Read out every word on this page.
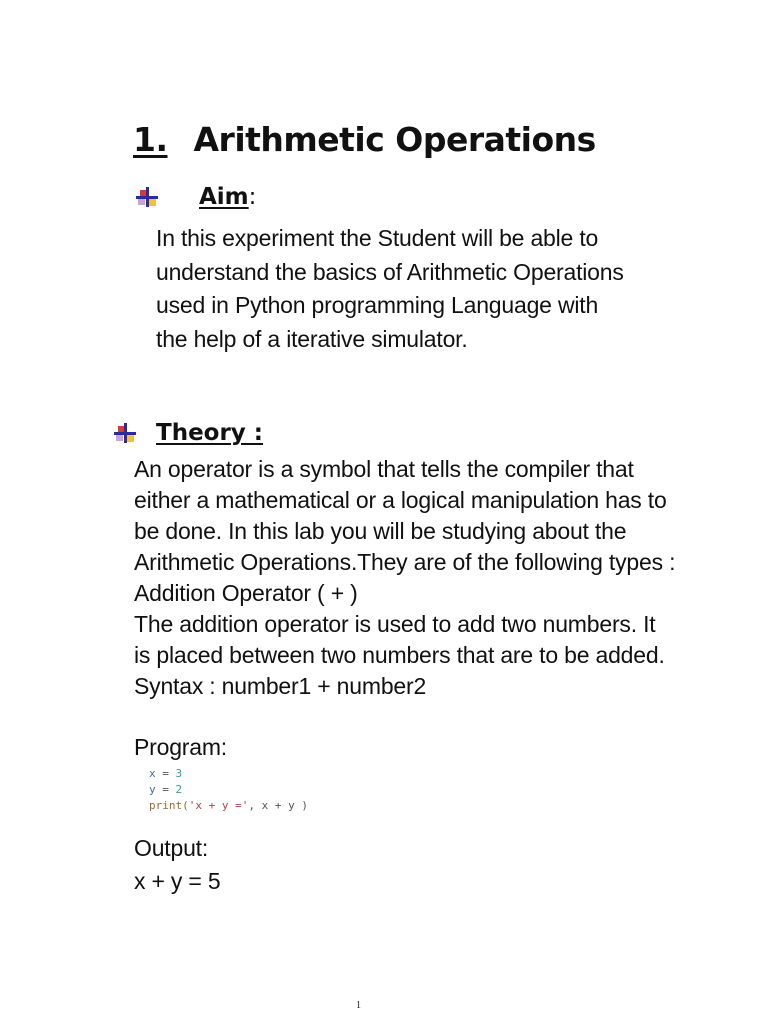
1. Arithmetic Operations
Aim:
In this experiment the Student will be able to
understand the basics of Arithmetic Operations
used in Python programming Language with
the help of a iterative simulator.
Theory :
An operator is a symbol that tells the compiler that
either a mathematical or a logical manipulation has to
be done. In this lab you will be studying about the
Arithmetic Operations.They are of the following types :
Addition Operator ( + )
The addition operator is used to add two numbers. It
is placed between two numbers that are to be added.
Syntax : number1 + number2
Program:
x = 3
y = 2
print('x + y =', x + y )
Output:
x + y = 5
1
